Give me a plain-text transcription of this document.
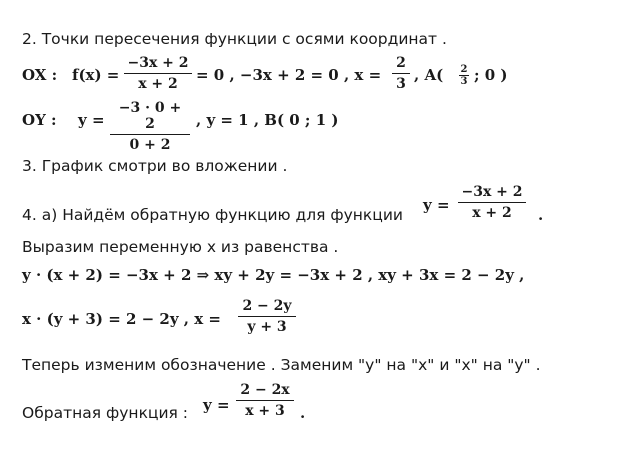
2. Точки пересечения функции с осями координат .
OX : $f(x) = \frac{-3x + 2}{x + 2} = 0$ , −3x + 2 = 0 , $x = \frac{2}{3}$ , $A( \frac{2}{3}$ ; 0 )
OY : $y = \frac{-3 \cdot 0 + 2}{0 + 2}$ , y = 1 , B( 0 ; 1 )
3. График смотри во вложении .
4. а) Найдём обратную функцию для функции
$y = \frac{-3x + 2}{x + 2}$ .
Выразим переменную x из равенства .
y · (x + 2) = −3x + 2 ⇒ xy + 2y = −3x + 2 , xy + 3x = 2 − 2y ,
x · (y + 3) = 2 − 2y , $x = \frac{2 - 2y}{y + 3}$
Теперь изменим обозначение . Заменим "у" на "х" и "х" на "у" .
Обратная функция : $y = \frac{2 - 2x}{x + 3}$ .
